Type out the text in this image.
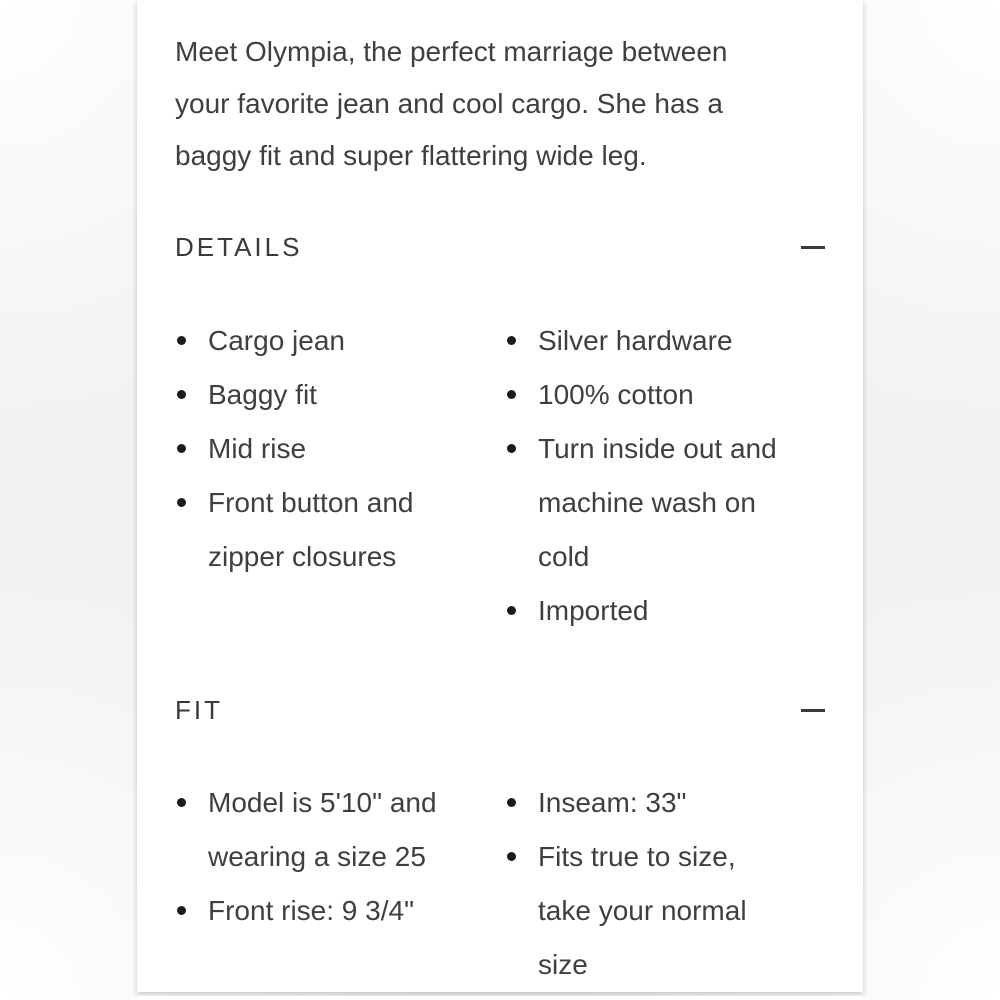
Meet Olympia, the perfect marriage between your favorite jean and cool cargo. She has a baggy fit and super flattering wide leg.

DETAILS
Cargo jean
Baggy fit
Mid rise
Front button and zipper closures
Silver hardware
100% cotton
Turn inside out and machine wash on cold
Imported
FIT
Model is 5'10" and wearing a size 25
Front rise: 9 3/4"
Inseam: 33"
Fits true to size, take your normal size
